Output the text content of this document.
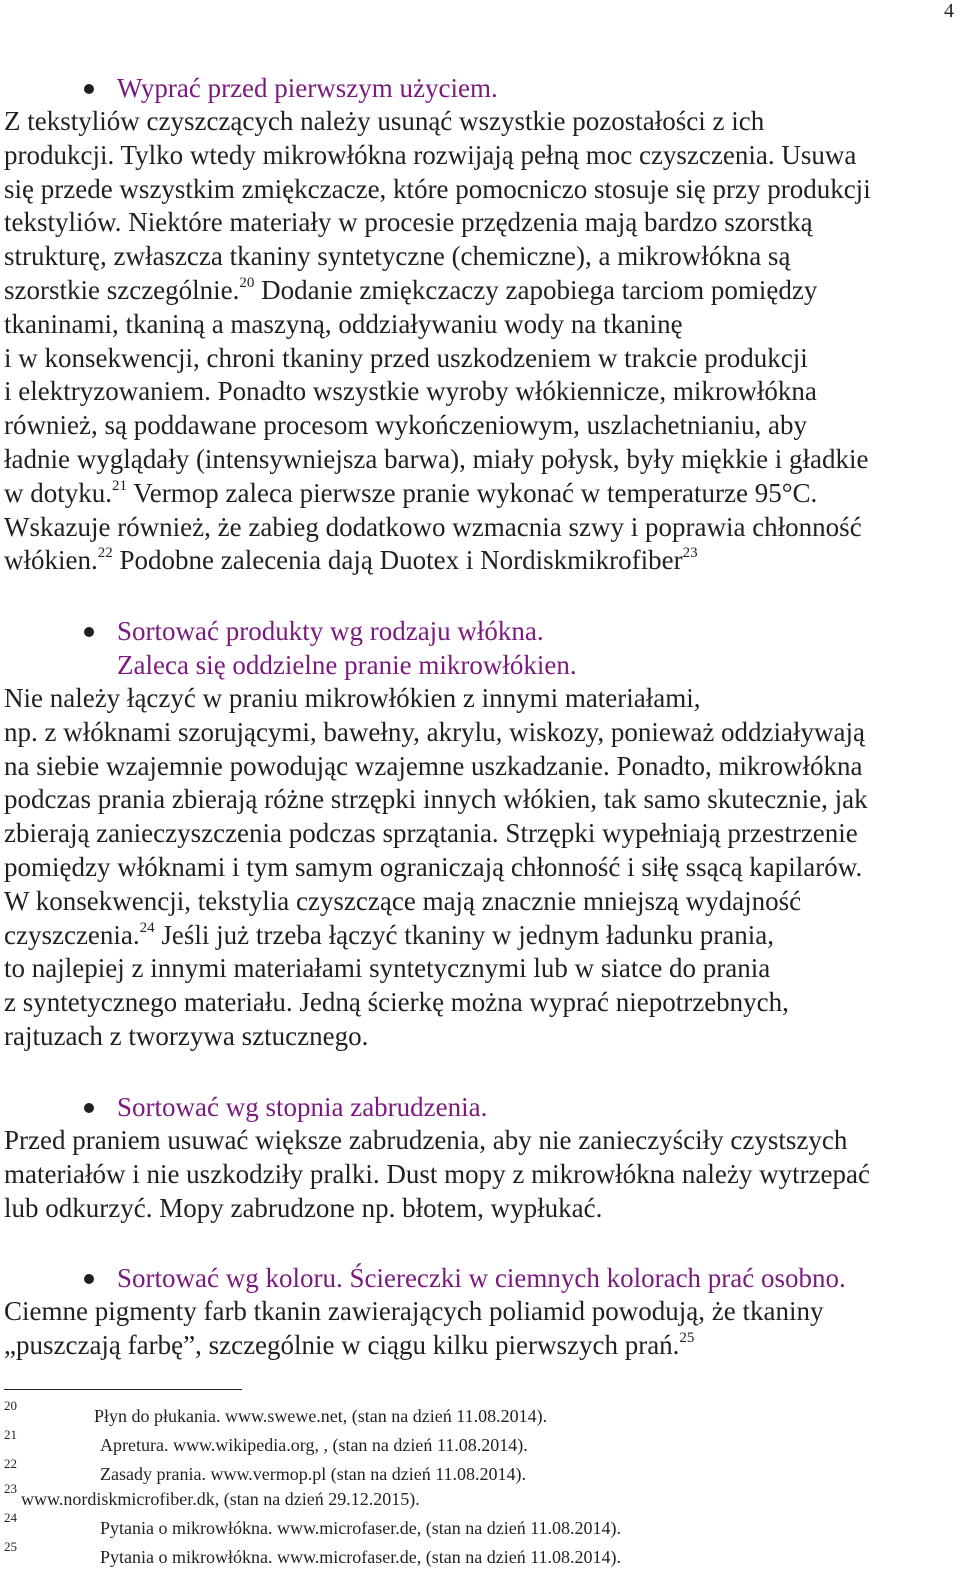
4
Wyprać przed pierwszym użyciem.
Z tekstyliów czyszczących należy usunąć wszystkie pozostałości z ich
produkcji. Tylko wtedy mikrowłókna rozwijają pełną moc czyszczenia. Usuwa
się przede wszystkim zmiękczacze, które pomocniczo stosuje się przy produkcji
tekstyliów. Niektóre materiały w procesie przędzenia mają bardzo szorstką
strukturę, zwłaszcza tkaniny syntetyczne (chemiczne), a mikrowłókna są
szorstkie szczególnie.$^{20}$ Dodanie zmiękczaczy zapobiega tarciom pomiędzy
tkaninami, tkaniną a maszyną, oddziaływaniu wody na tkaninę
i w konsekwencji, chroni tkaniny przed uszkodzeniem w trakcie produkcji
i elektryzowaniem. Ponadto wszystkie wyroby włókiennicze, mikrowłókna
również, są poddawane procesom wykończeniowym, uszlachetnianiu, aby
ładnie wyglądały (intensywniejsza barwa), miały połysk, były miękkie i gładkie
w dotyku.$^{21}$ Vermop zaleca pierwsze pranie wykonać w temperaturze 95°C.
Wskazuje również, że zabieg dodatkowo wzmacnia szwy i poprawia chłonność
włókien.$^{22}$ Podobne zalecenia dają Duotex i Nordiskmikrofiber$^{23}$
Sortować produkty wg rodzaju włókna.
Zaleca się oddzielne pranie mikrowłókien.
Nie należy łączyć w praniu mikrowłókien z innymi materiałami,
np. z włóknami szorującymi, bawełny, akrylu, wiskozy, ponieważ oddziaływają
na siebie wzajemnie powodując wzajemne uszkadzanie. Ponadto, mikrowłókna
podczas prania zbierają różne strzępki innych włókien, tak samo skutecznie, jak
zbierają zanieczyszczenia podczas sprzątania. Strzępki wypełniają przestrzenie
pomiędzy włóknami i tym samym ograniczają chłonność i siłę ssącą kapilarów.
W konsekwencji, tekstylia czyszczące mają znacznie mniejszą wydajność
czyszczenia.$^{24}$ Jeśli już trzeba łączyć tkaniny w jednym ładunku prania,
to najlepiej z innymi materiałami syntetycznymi lub w siatce do prania
z syntetycznego materiału. Jedną ścierkę można wyprać niepotrzebnych,
rajtuzach z tworzywa sztucznego.
Sortować wg stopnia zabrudzenia.
Przed praniem usuwać większe zabrudzenia, aby nie zanieczyściły czystszych
materiałów i nie uszkodziły pralki. Dust mopy z mikrowłókna należy wytrzepać
lub odkurzyć. Mopy zabrudzone np. błotem, wypłukać.
Sortować wg koloru. Ściereczki w ciemnych kolorach prać osobno.
Ciemne pigmenty farb tkanin zawierających poliamid powodują, że tkaniny
„puszczają farbę”, szczególnie w ciągu kilku pierwszych prań.$^{25}$
20
Płyn do płukania. www.swewe.net, (stan na dzień 11.08.2014).
21
Apretura. www.wikipedia.org, , (stan na dzień 11.08.2014).
22
Zasady prania. www.vermop.pl (stan na dzień 11.08.2014).
23
www.nordiskmicrofiber.dk, (stan na dzień 29.12.2015).
24
Pytania o mikrowłókna. www.microfaser.de, (stan na dzień 11.08.2014).
25
Pytania o mikrowłókna. www.microfaser.de, (stan na dzień 11.08.2014).
